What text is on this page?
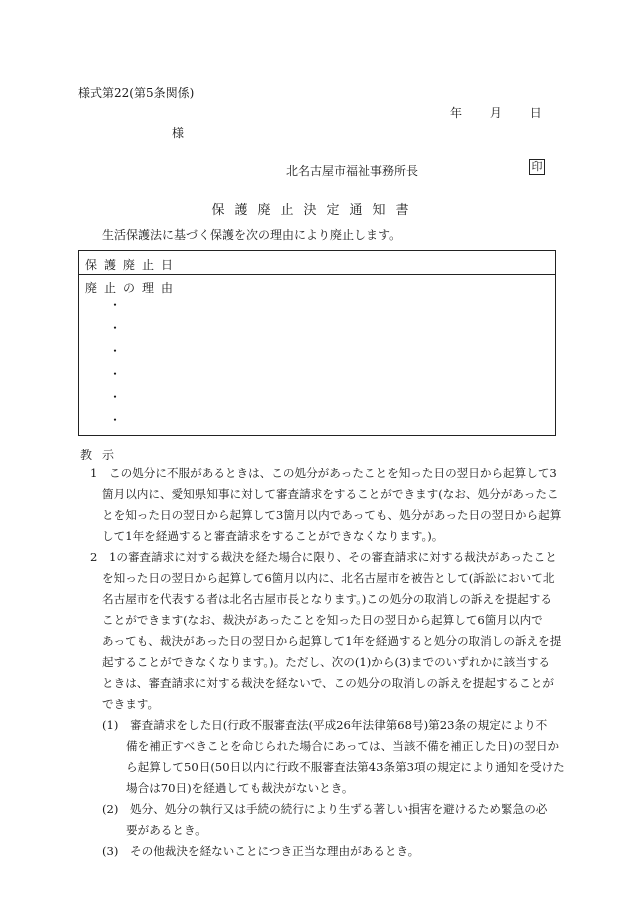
様式第22(第5条関係)
年 月 日
様
北名古屋市福祉事務所長	印
保護廃止決定通知書
生活保護法に基づく保護を次の理由により廃止します。
保護廃止日
廃止の理由
・
・
・
・
・
・
教示
1　この処分に不服があるときは、この処分があったことを知った日の翌日から起算して3
箇月以内に、愛知県知事に対して審査請求をすることができます(なお、処分があったこ
とを知った日の翌日から起算して3箇月以内であっても、処分があった日の翌日から起算
して1年を経過すると審査請求をすることができなくなります。)。
2　1の審査請求に対する裁決を経た場合に限り、その審査請求に対する裁決があったこと
を知った日の翌日から起算して6箇月以内に、北名古屋市を被告として(訴訟において北
名古屋市を代表する者は北名古屋市長となります。)この処分の取消しの訴えを提起する
ことができます(なお、裁決があったことを知った日の翌日から起算して6箇月以内で
あっても、裁決があった日の翌日から起算して1年を経過すると処分の取消しの訴えを提
起することができなくなります。)。ただし、次の(1)から(3)までのいずれかに該当する
ときは、審査請求に対する裁決を経ないで、この処分の取消しの訴えを提起することが
できます。
(1)　審査請求をした日(行政不服審査法(平成26年法律第68号)第23条の規定により不
備を補正すべきことを命じられた場合にあっては、当該不備を補正した日)の翌日か
ら起算して50日(50日以内に行政不服審査法第43条第3項の規定により通知を受けた
場合は70日)を経過しても裁決がないとき。
(2)　処分、処分の執行又は手続の続行により生ずる著しい損害を避けるため緊急の必
要があるとき。
(3)　その他裁決を経ないことにつき正当な理由があるとき。
